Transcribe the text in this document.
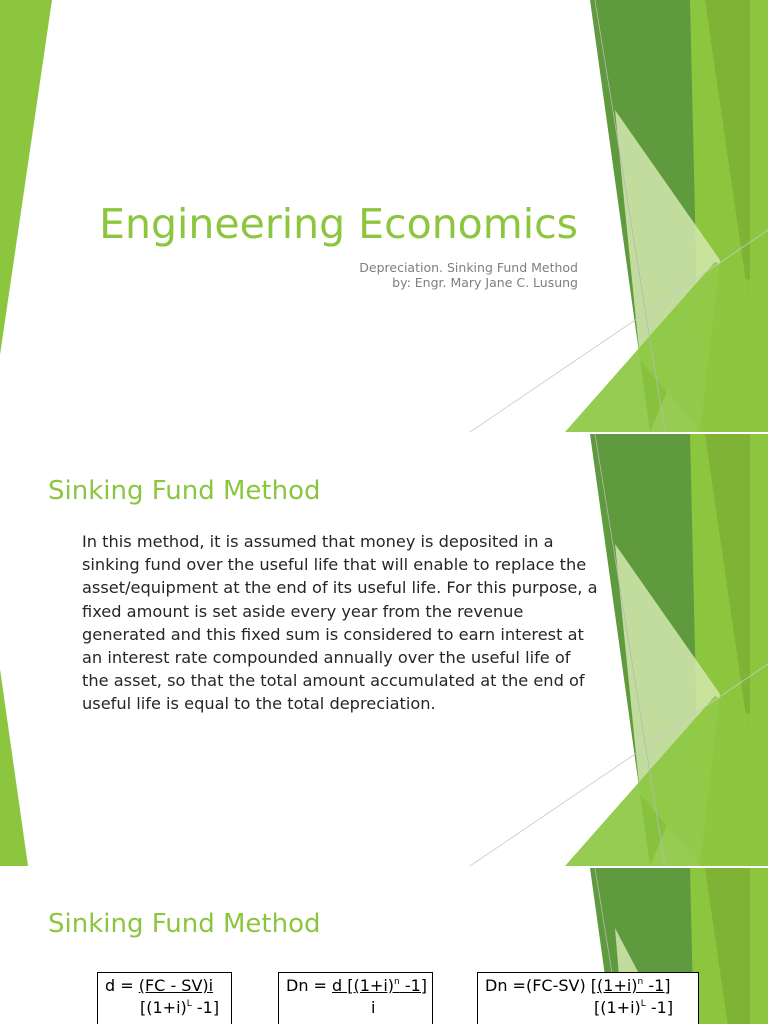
Engineering Economics
Depreciation. Sinking Fund Method
by: Engr. Mary Jane C. Lusung
Sinking Fund Method
In this method, it is assumed that money is deposited in a sinking fund over the useful life that will enable to replace the asset/equipment at the end of its useful life. For this purpose, a fixed amount is set aside every year from the revenue generated and this fixed sum is considered to earn interest at an interest rate compounded annually over the useful life of the asset, so that the total amount accumulated at the end of useful life is equal to the total depreciation.
Sinking Fund Method
d = (FC - SV)i
[$(1+i)^L$ -1]
Dn = d [$(1+i)^n$ -1]
i
Dn =(FC-SV) [$(1+i)^n$ -1]
[$(1+i)^L$ -1]
